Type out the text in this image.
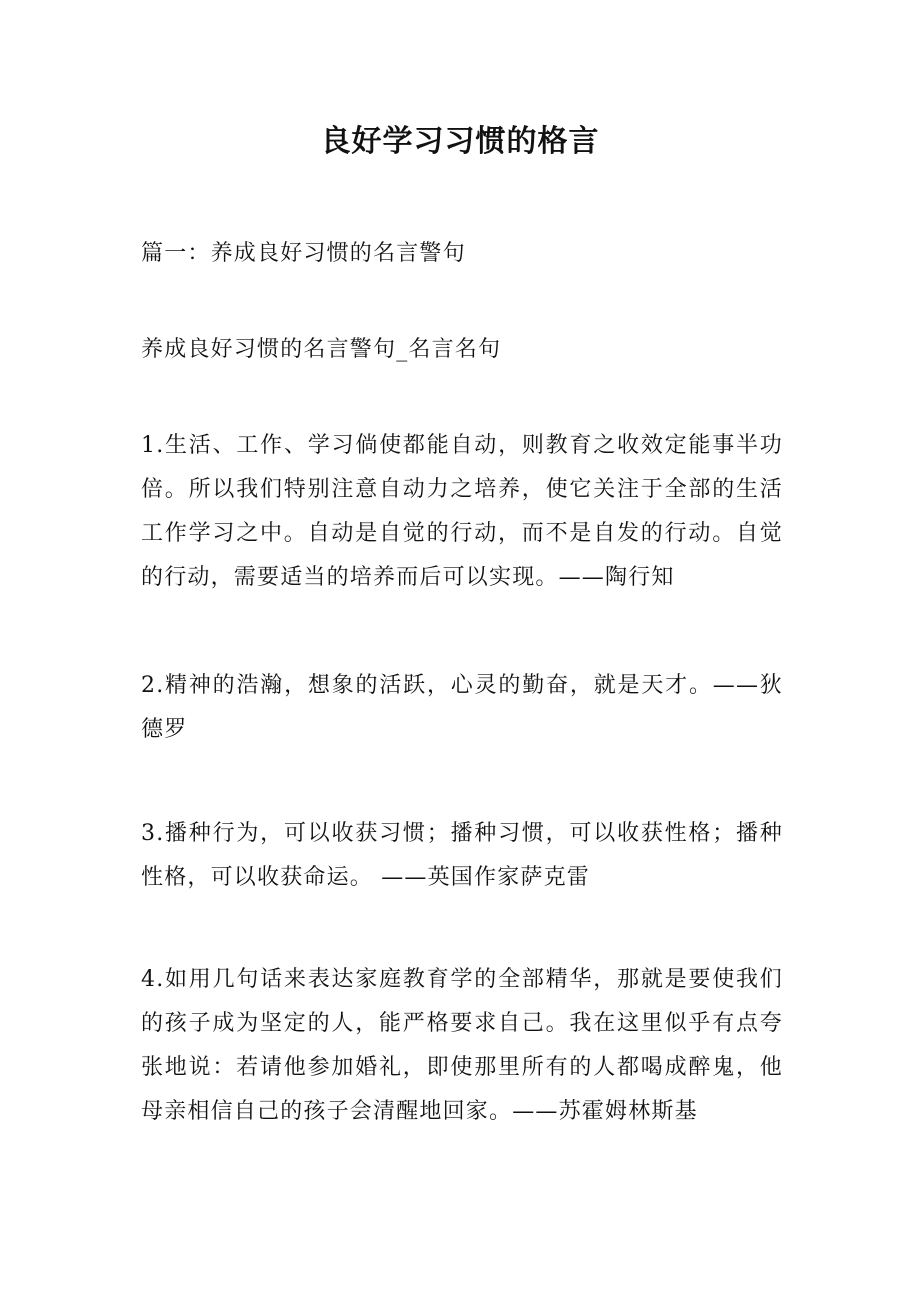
良好学习习惯的格言

篇一：养成良好习惯的名言警句

养成良好习惯的名言警句_名言名句

1.生活、工作、学习倘使都能自动，则教育之收效定能事半功倍。所以我们特别注意自动力之培养，使它关注于全部的生活工作学习之中。自动是自觉的行动，而不是自发的行动。自觉的行动，需要适当的培养而后可以实现。——陶行知

2.精神的浩瀚，想象的活跃，心灵的勤奋，就是天才。——狄德罗

3.播种行为，可以收获习惯；播种习惯，可以收获性格；播种性格，可以收获命运。 ——英国作家萨克雷

4.如用几句话来表达家庭教育学的全部精华，那就是要使我们的孩子成为坚定的人，能严格要求自己。我在这里似乎有点夸张地说：若请他参加婚礼，即使那里所有的人都喝成醉鬼，他母亲相信自己的孩子会清醒地回家。——苏霍姆林斯基
